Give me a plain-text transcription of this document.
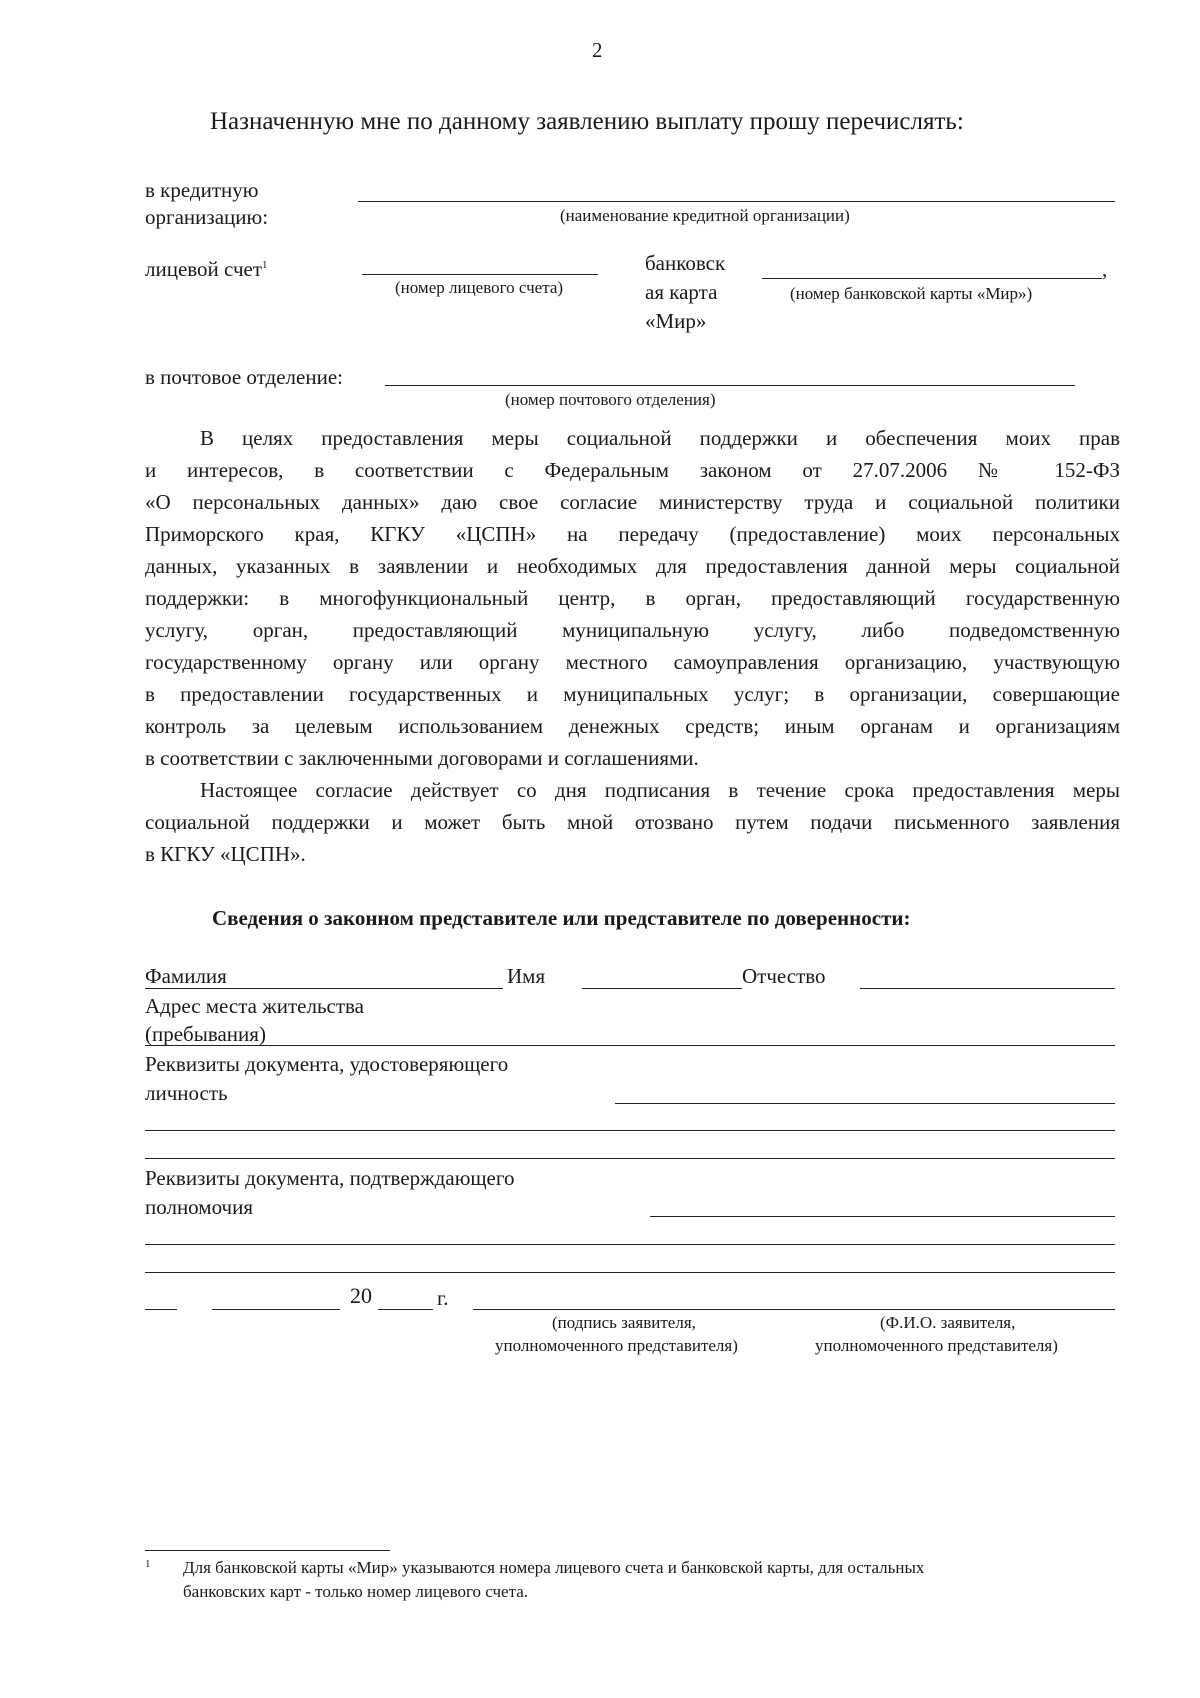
2
Назначенную мне по данному заявлению выплату прошу перечислять:
в кредитную
организацию:	(наименование кредитной организации)
лицевой счет$^1$
(номер лицевого счета)
банковск
ая карта
«Мир»
,
(номер банковской карты «Мир»)
в почтовое отделение:
(номер почтового отделения)
В целях предоставления меры социальной поддержки и обеспечения моих прав
и интересов, в соответствии с Федеральным законом от 27.07.2006 № 152-ФЗ
«О персональных данных» даю свое согласие министерству труда и социальной политики
Приморского края, КГКУ «ЦСПН» на передачу (предоставление) моих персональных
данных, указанных в заявлении и необходимых для предоставления данной меры социальной
поддержки: в многофункциональный центр, в орган, предоставляющий государственную
услугу, орган, предоставляющий муниципальную услугу, либо подведомственную
государственному органу или органу местного самоуправления организацию, участвующую
в предоставлении государственных и муниципальных услуг; в организации, совершающие
контроль за целевым использованием денежных средств; иным органам и организациям
в соответствии с заключенными договорами и соглашениями.
Настоящее согласие действует со дня подписания в течение срока предоставления меры
социальной поддержки и может быть мной отозвано путем подачи письменного заявления
в КГКУ «ЦСПН».
Сведения о законном представителе или представителе по доверенности:
Фамилия	Имя	Отчество
Адрес места жительства
(пребывания)
Реквизиты документа, удостоверяющего
личность
Реквизиты документа, подтверждающего
полномочия
20	г.
(подпись заявителя,
уполномоченного представителя)
(Ф.И.О. заявителя,
уполномоченного представителя)
1 Для банковской карты «Мир» указываются номера лицевого счета и банковской карты, для остальных
банковских карт - только номер лицевого счета.
